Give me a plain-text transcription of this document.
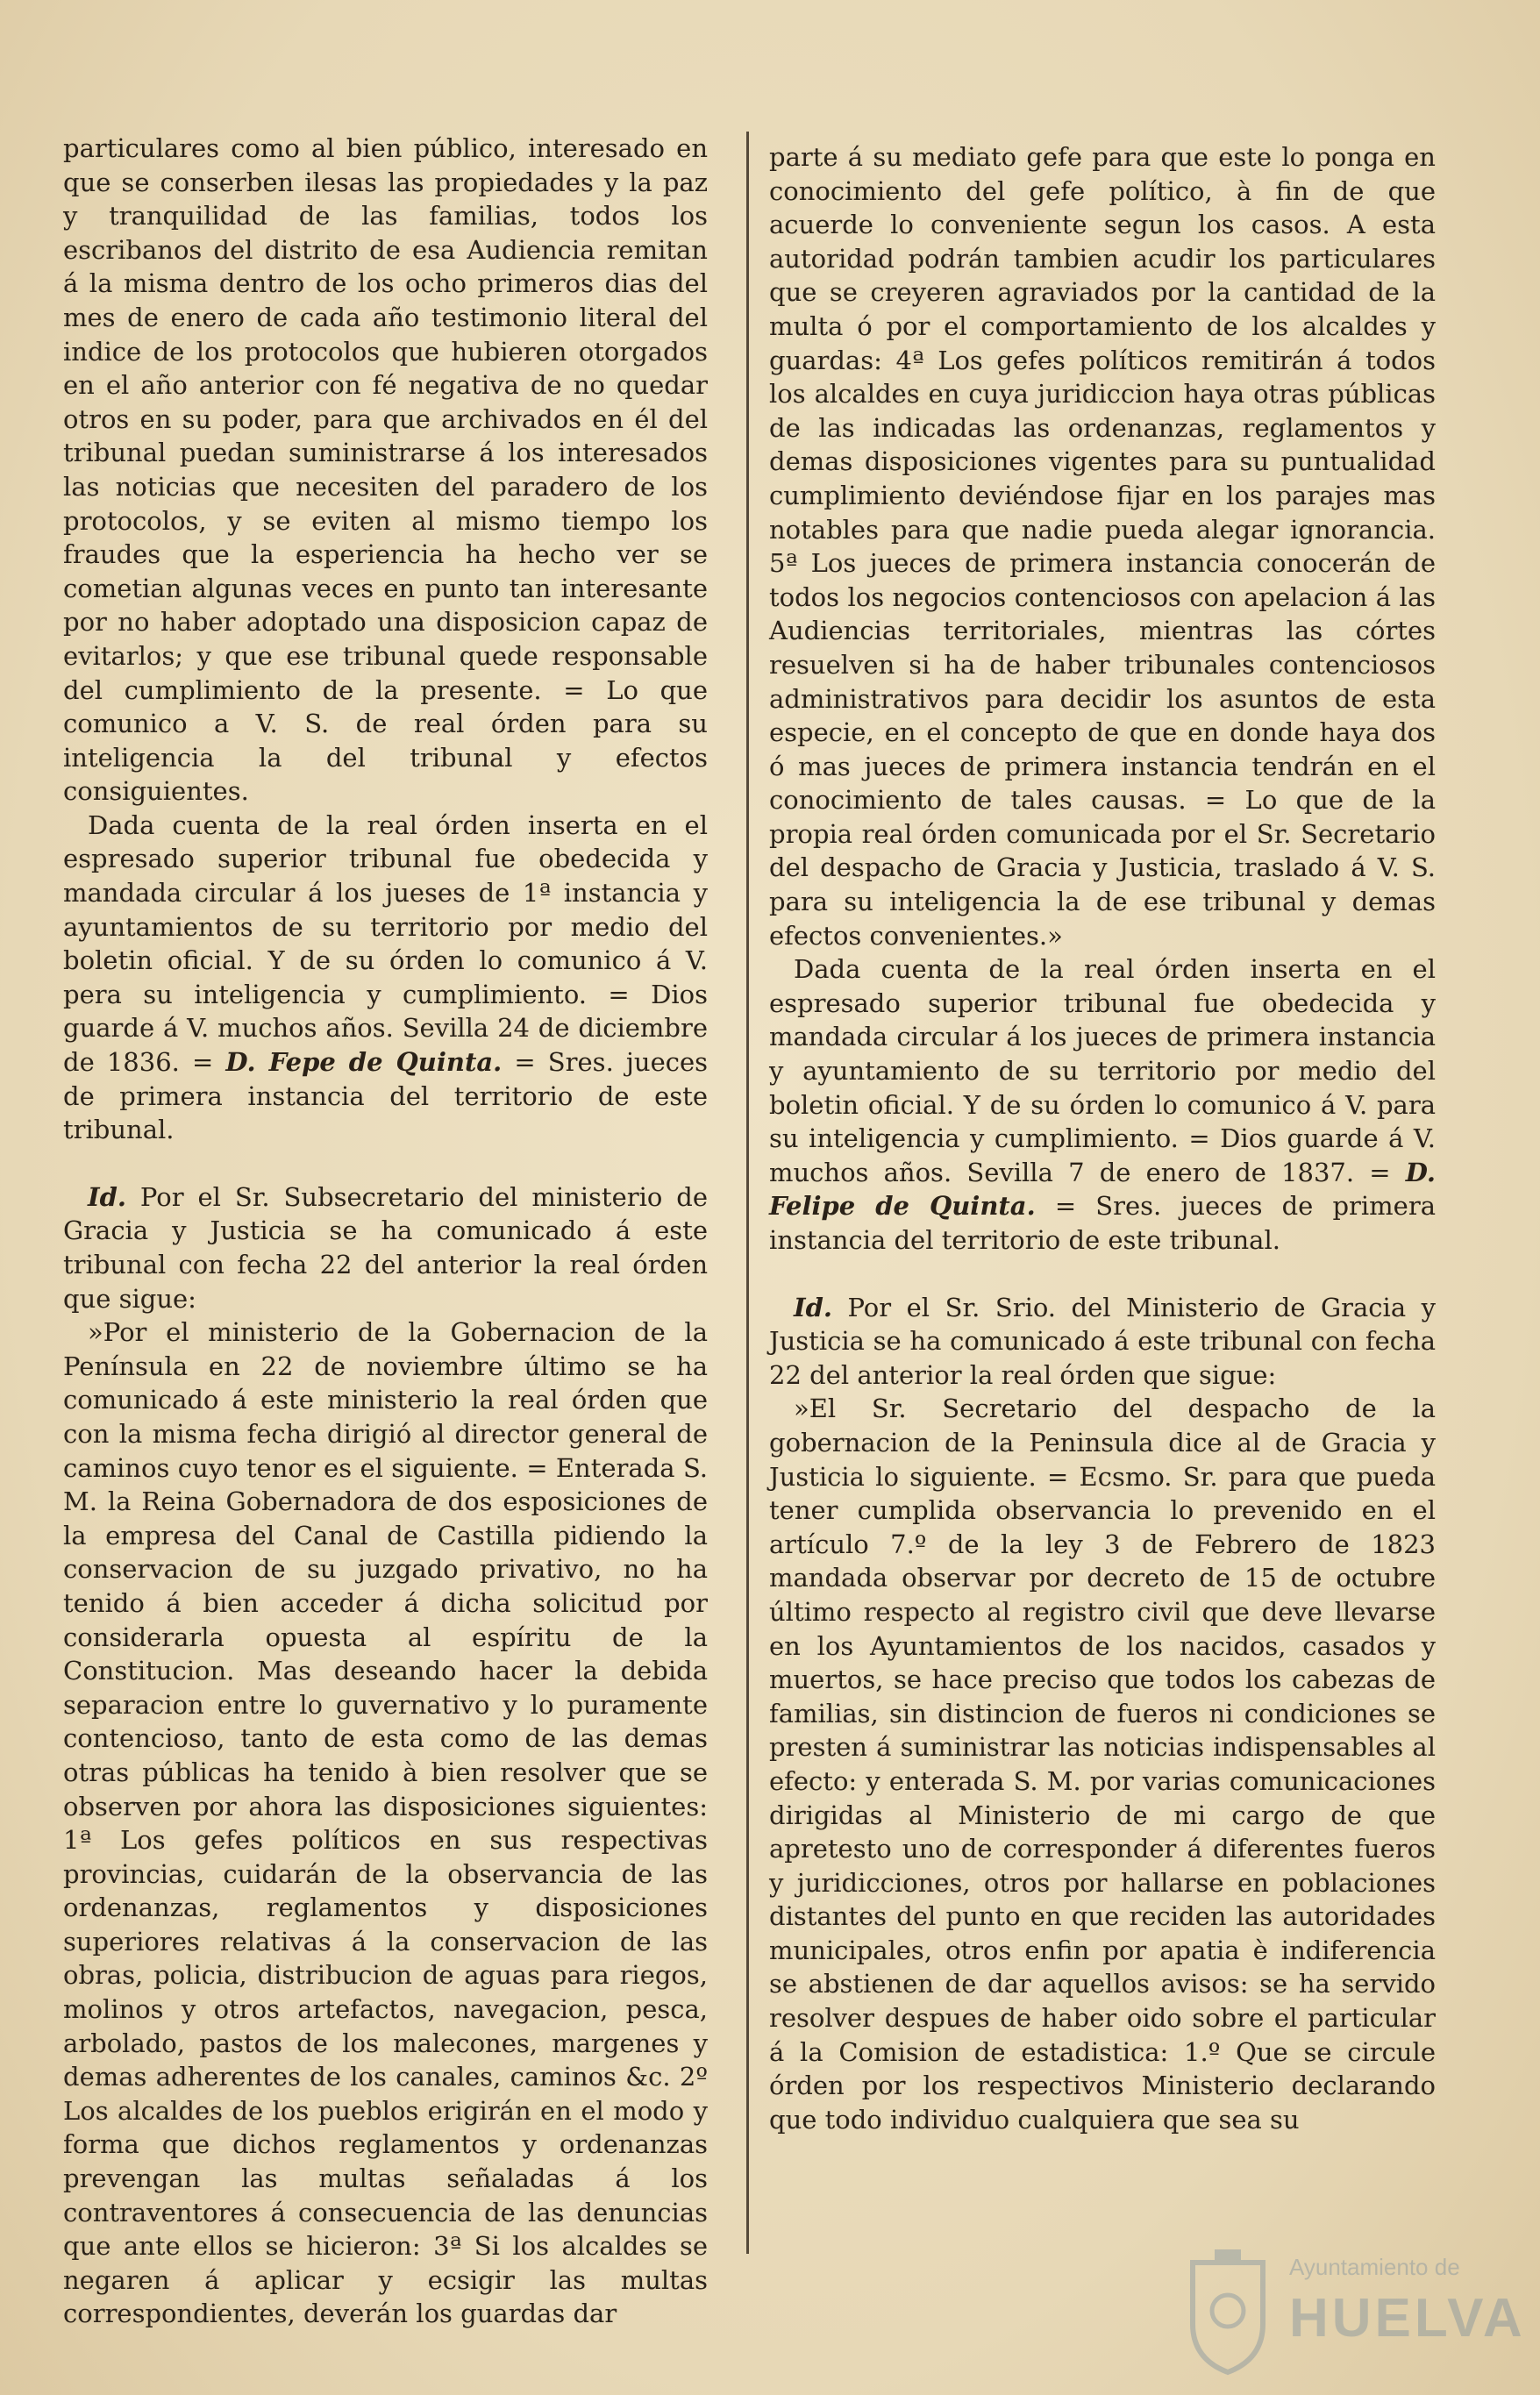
particulares como al bien público, interesado en que se conserben ilesas las propiedades y la paz y tranquilidad de las familias, todos los escribanos del distrito de esa Audiencia remitan á la misma dentro de los ocho primeros dias del mes de enero de cada año testimonio literal del indice de los protocolos que hubieren otorgados en el año anterior con fé negativa de no quedar otros en su poder, para que archivados en él del tribunal puedan suministrarse á los interesados las noticias que necesiten del paradero de los protocolos, y se eviten al mismo tiempo los fraudes que la esperiencia ha hecho ver se cometian algunas veces en punto tan interesante por no haber adoptado una disposicion capaz de evitarlos; y que ese tribunal quede responsable del cumplimiento de la presente. = Lo que comunico a V. S. de real órden para su inteligencia la del tribunal y efectos consiguientes.

Dada cuenta de la real órden inserta en el espresado superior tribunal fue obedecida y mandada circular á los jueses de 1ª instancia y ayuntamientos de su territorio por medio del boletin oficial. Y de su órden lo comunico á V. pera su inteligencia y cumplimiento. = Dios guarde á V. muchos años. Sevilla 24 de diciembre de 1836. = D. Fepe de Quinta. = Sres. jueces de primera instancia del territorio de este tribunal.

Id. Por el Sr. Subsecretario del ministerio de Gracia y Justicia se ha comunicado á este tribunal con fecha 22 del anterior la real órden que sigue:

»Por el ministerio de la Gobernacion de la Península en 22 de noviembre último se ha comunicado á este ministerio la real órden que con la misma fecha dirigió al director general de caminos cuyo tenor es el siguiente. = Enterada S. M. la Reina Gobernadora de dos esposiciones de la empresa del Canal de Castilla pidiendo la conservacion de su juzgado privativo, no ha tenido á bien acceder á dicha solicitud por considerarla opuesta al espíritu de la Constitucion. Mas deseando hacer la debida separacion entre lo guvernativo y lo puramente contencioso, tanto de esta como de las demas otras públicas ha tenido à bien resolver que se observen por ahora las disposiciones siguientes: 1ª Los gefes políticos en sus respectivas provincias, cuidarán de la observancia de las ordenanzas, reglamentos y disposiciones superiores relativas á la conservacion de las obras, policia, distribucion de aguas para riegos, molinos y otros artefactos, navegacion, pesca, arbolado, pastos de los malecones, margenes y demas adherentes de los canales, caminos &c. 2º Los alcaldes de los pueblos erigirán en el modo y forma que dichos reglamentos y ordenanzas prevengan las multas señaladas á los contraventores á consecuencia de las denuncias que ante ellos se hicieron: 3ª Si los alcaldes se negaren á aplicar y ecsigir las multas correspondientes, deverán los guardas dar

parte á su mediato gefe para que este lo ponga en conocimiento del gefe político, à fin de que acuerde lo conveniente segun los casos. A esta autoridad podrán tambien acudir los particulares que se creyeren agraviados por la cantidad de la multa ó por el comportamiento de los alcaldes y guardas: 4ª Los gefes políticos remitirán á todos los alcaldes en cuya juridiccion haya otras públicas de las indicadas las ordenanzas, reglamentos y demas disposiciones vigentes para su puntualidad cumplimiento deviéndose fijar en los parajes mas notables para que nadie pueda alegar ignorancia. 5ª Los jueces de primera instancia conocerán de todos los negocios contenciosos con apelacion á las Audiencias territoriales, mientras las córtes resuelven si ha de haber tribunales contenciosos administrativos para decidir los asuntos de esta especie, en el concepto de que en donde haya dos ó mas jueces de primera instancia tendrán en el conocimiento de tales causas. = Lo que de la propia real órden comunicada por el Sr. Secretario del despacho de Gracia y Justicia, traslado á V. S. para su inteligencia la de ese tribunal y demas efectos convenientes.»

Dada cuenta de la real órden inserta en el espresado superior tribunal fue obedecida y mandada circular á los jueces de primera instancia y ayuntamiento de su territorio por medio del boletin oficial. Y de su órden lo comunico á V. para su inteligencia y cumplimiento. = Dios guarde á V. muchos años. Sevilla 7 de enero de 1837. = D. Felipe de Quinta. = Sres. jueces de primera instancia del territorio de este tribunal.

Id. Por el Sr. Srio. del Ministerio de Gracia y Justicia se ha comunicado á este tribunal con fecha 22 del anterior la real órden que sigue:

»El Sr. Secretario del despacho de la gobernacion de la Peninsula dice al de Gracia y Justicia lo siguiente. = Ecsmo. Sr. para que pueda tener cumplida observancia lo prevenido en el artículo 7.º de la ley 3 de Febrero de 1823 mandada observar por decreto de 15 de octubre último respecto al registro civil que deve llevarse en los Ayuntamientos de los nacidos, casados y muertos, se hace preciso que todos los cabezas de familias, sin distincion de fueros ni condiciones se presten á suministrar las noticias indispensables al efecto: y enterada S. M. por varias comunicaciones dirigidas al Ministerio de mi cargo de que apretesto uno de corresponder á diferentes fueros y juridicciones, otros por hallarse en poblaciones distantes del punto en que reciden las autoridades municipales, otros enfin por apatia è indiferencia se abstienen de dar aquellos avisos: se ha servido resolver despues de haber oido sobre el particular á la Comision de estadistica: 1.º Que se circule órden por los respectivos Ministerio declarando que todo individuo cualquiera que sea su

Ayuntamiento de
HUELVA
